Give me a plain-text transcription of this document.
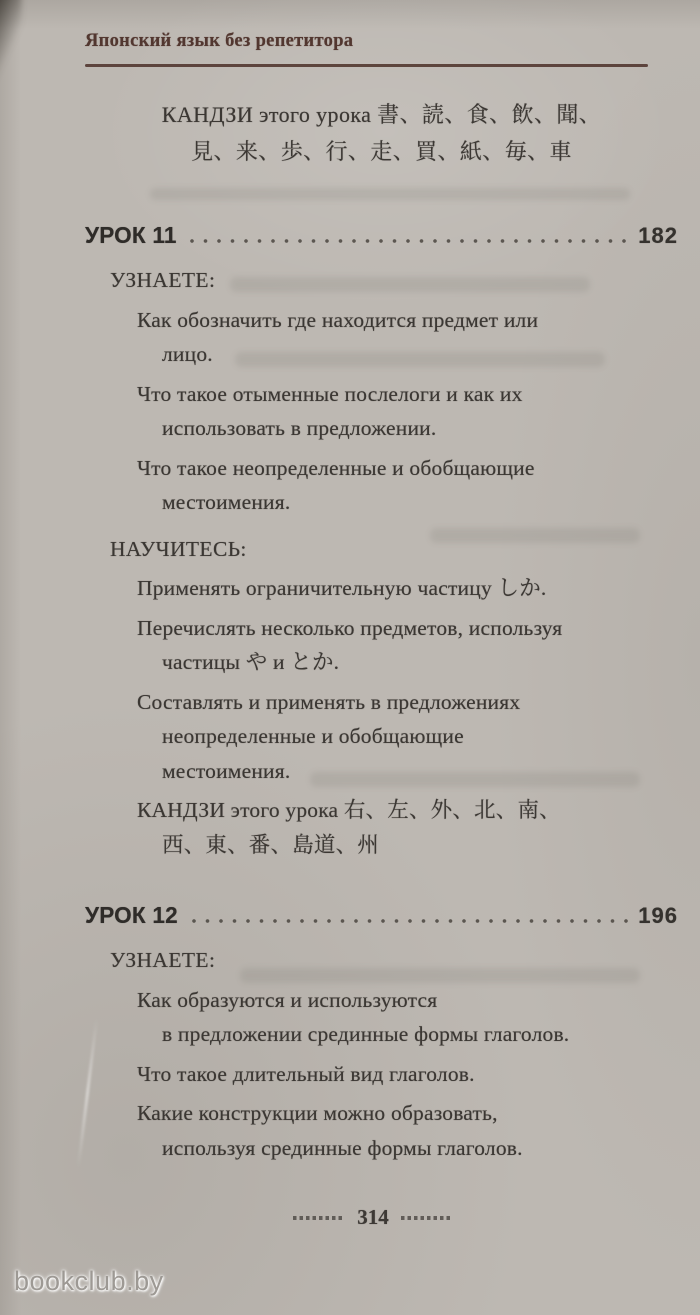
Японский язык без репетитора

КАНДЗИ этого урока 書、読、食、飲、聞、
見、来、歩、行、走、買、紙、毎、車

УРОК 11	182

УЗНАЕТЕ:

Как обозначить где находится предмет или
лицо.

Что такое отыменные послелоги и как их
использовать в предложении.

Что такое неопределенные и обобщающие
местоимения.

НАУЧИТЕСЬ:

Применять ограничительную частицу しか.

Перечислять несколько предметов, используя
частицы や и とか.

Составлять и применять в предложениях
неопределенные и обобщающие
местоимения.

КАНДЗИ этого урока 右、左、外、北、南、
西、東、番、島道、州

УРОК 12	196

УЗНАЕТЕ:

Как образуются и используются
в предложении срединные формы глаголов.

Что такое длительный вид глаголов.

Какие конструкции можно образовать,
используя срединные формы глаголов.

314
bookclub.by
